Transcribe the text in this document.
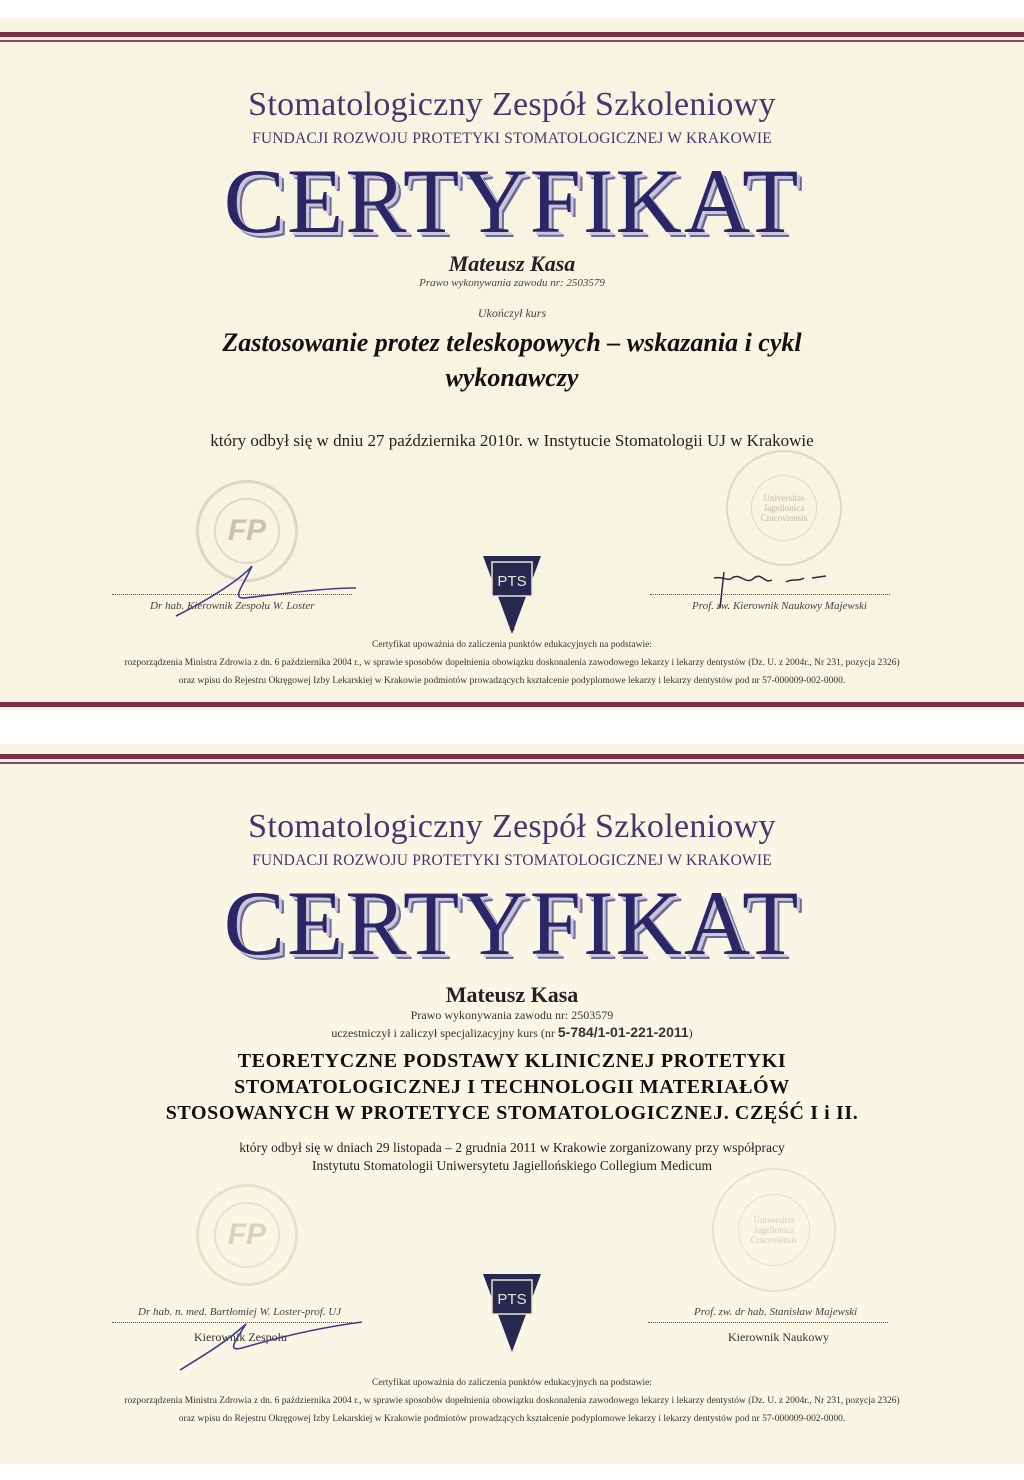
Stomatologiczny Zespół Szkoleniowy
FUNDACJI ROZWOJU PROTETYKI STOMATOLOGICZNEJ W KRAKOWIE
CERTYFIKAT
Mateusz Kasa
Prawo wykonywania zawodu nr: 2503579
Ukończył kurs
Zastosowanie protez teleskopowych – wskazania i cykl
wykonawczy
który odbył się w dniu 27 października 2010r. w Instytucie Stomatologii UJ w Krakowie
FP
Universitas Jagellonica Cracoviensis
PTS
Dr hab. Kierownik Zespołu W. Loster	Prof. zw. Kierownik Naukowy Majewski
6
Certyfikat upoważnia do zaliczenia punktów edukacyjnych na podstawie:
rozporządzenia Ministra Zdrowia z dn. 6 października 2004 r., w sprawie sposobów dopełnienia obowiązku doskonalenia zawodowego lekarzy i lekarzy dentystów (Dz. U. z 2004r., Nr 231, pozycja 2326)
oraz wpisu do Rejestru Okręgowej Izby Lekarskiej w Krakowie podmiotów prowadzących kształcenie podyplomowe lekarzy i lekarzy dentystów pod nr 57-000009-002-0000.
Stomatologiczny Zespół Szkoleniowy
FUNDACJI ROZWOJU PROTETYKI STOMATOLOGICZNEJ W KRAKOWIE
CERTYFIKAT
Mateusz Kasa
Prawo wykonywania zawodu nr: 2503579
uczestniczył i zaliczył specjalizacyjny kurs (nr 5-784/1-01-221-2011)
TEORETYCZNE PODSTAWY KLINICZNEJ PROTETYKI
STOMATOLOGICZNEJ I TECHNOLOGII MATERIAŁÓW
STOSOWANYCH W PROTETYCE STOMATOLOGICZNEJ. CZĘŚĆ I i II.
który odbył się w dniach 29 listopada – 2 grudnia 2011 w Krakowie zorganizowany przy współpracy
Instytutu Stomatologii Uniwersytetu Jagiellońskiego Collegium Medicum
FP	Universitas Jagellonica Cracoviensis
PTS
Dr hab. n. med. Bartłomiej W. Loster-prof. UJ
Kierownik Zespołu
Prof. zw. dr hab. Stanisław Majewski
Kierownik Naukowy
Certyfikat upoważnia do zaliczenia punktów edukacyjnych na podstawie:
rozporządzenia Ministra Zdrowia z dn. 6 października 2004 r., w sprawie sposobów dopełnienia obowiązku doskonalenia zawodowego lekarzy i lekarzy dentystów (Dz. U. z 2004r., Nr 231, pozycja 2326)
oraz wpisu do Rejestru Okręgowej Izby Lekarskiej w Krakowie podmiotów prowadzących kształcenie podyplomowe lekarzy i lekarzy dentystów pod nr 57-000009-002-0000.
